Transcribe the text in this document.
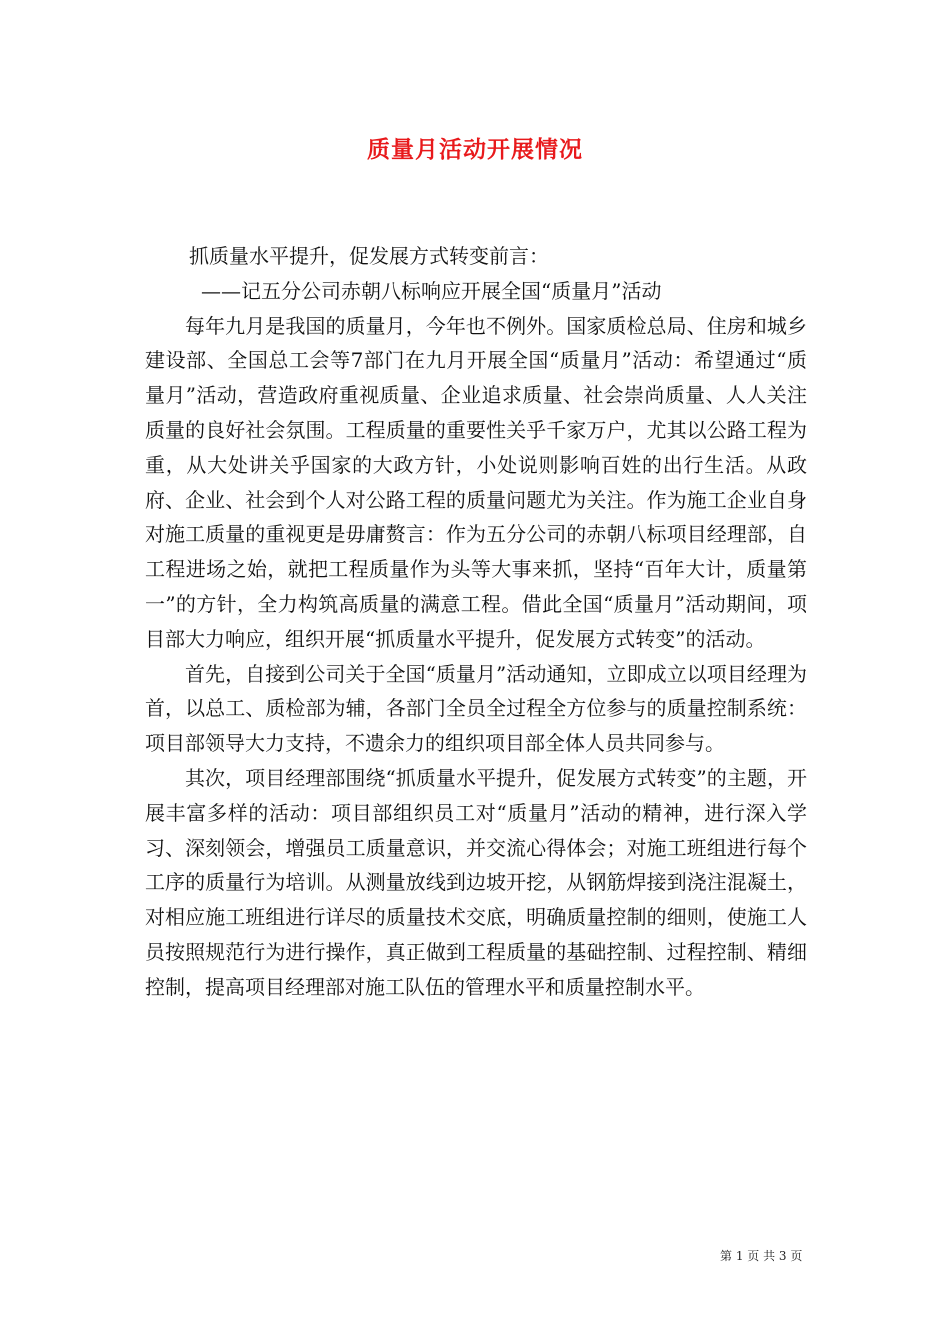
质量月活动开展情况

抓质量水平提升，促发展方式转变前言：

——记五分公司赤朝八标响应开展全国“质量月”活动

每年九月是我国的质量月，今年也不例外。国家质检总局、住房和城乡建设部、全国总工会等7部门在九月开展全国“质量月”活动：希望通过“质量月”活动，营造政府重视质量、企业追求质量、社会崇尚质量、人人关注质量的良好社会氛围。工程质量的重要性关乎千家万户，尤其以公路工程为重，从大处讲关乎国家的大政方针，小处说则影响百姓的出行生活。从政府、企业、社会到个人对公路工程的质量问题尤为关注。作为施工企业自身对施工质量的重视更是毋庸赘言：作为五分公司的赤朝八标项目经理部，自工程进场之始，就把工程质量作为头等大事来抓，坚持“百年大计，质量第一”的方针，全力构筑高质量的满意工程。借此全国“质量月”活动期间，项目部大力响应，组织开展“抓质量水平提升，促发展方式转变”的活动。

首先，自接到公司关于全国“质量月”活动通知，立即成立以项目经理为首，以总工、质检部为辅，各部门全员全过程全方位参与的质量控制系统：项目部领导大力支持，不遗余力的组织项目部全体人员共同参与。

其次，项目经理部围绕“抓质量水平提升，促发展方式转变”的主题，开展丰富多样的活动：项目部组织员工对“质量月”活动的精神，进行深入学习、深刻领会，增强员工质量意识，并交流心得体会；对施工班组进行每个工序的质量行为培训。从测量放线到边坡开挖，从钢筋焊接到浇注混凝土，对相应施工班组进行详尽的质量技术交底，明确质量控制的细则，使施工人员按照规范行为进行操作，真正做到工程质量的基础控制、过程控制、精细控制，提高项目经理部对施工队伍的管理水平和质量控制水平。

第 1 页 共 3 页
